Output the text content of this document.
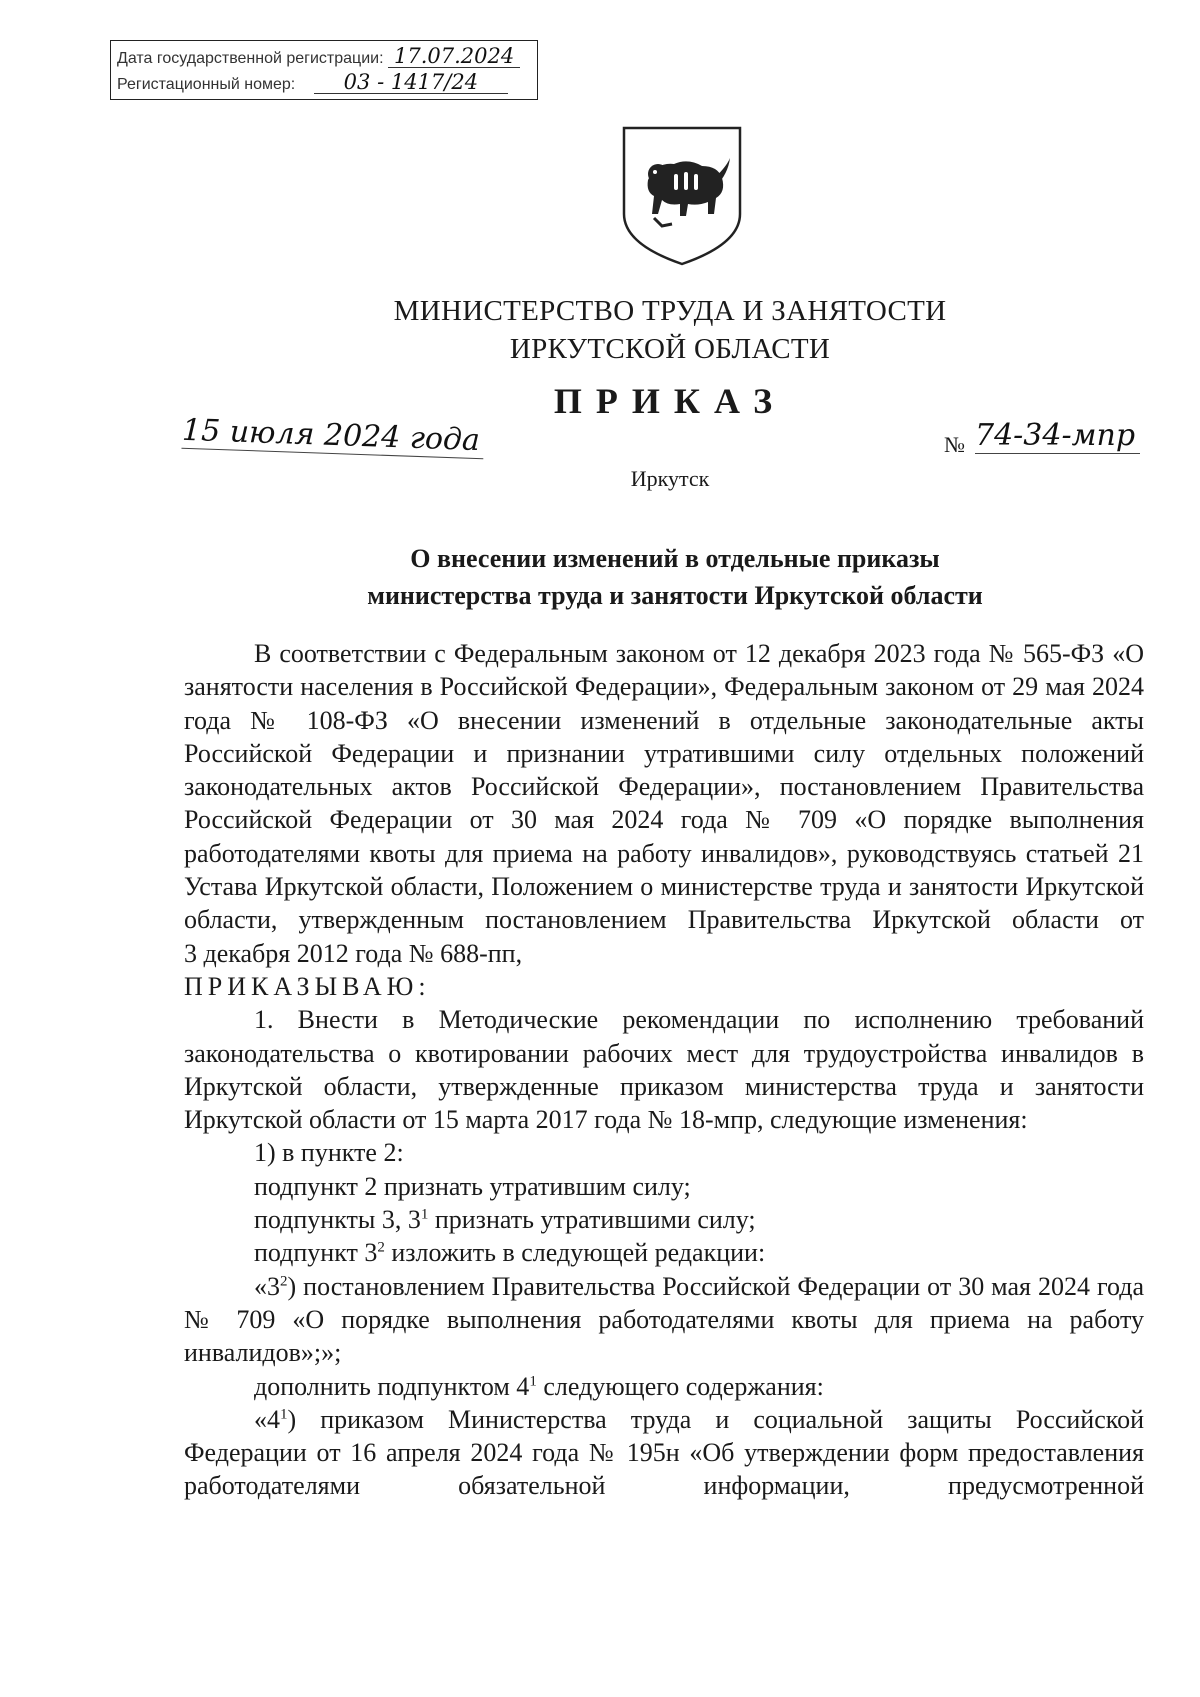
Дата государственной регистрации: 17.07.2024
Регистационный номер: 03 - 1417/24
МИНИСТЕРСТВО ТРУДА И ЗАНЯТОСТИ
ИРКУТСКОЙ ОБЛАСТИ
ПРИКАЗ
15 июля 2024 года	№ 74-34-мпр
Иркутск
О внесении изменений в отдельные приказы
министерства труда и занятости Иркутской области

В соответствии с Федеральным законом от 12 декабря 2023 года № 565-ФЗ «О занятости населения в Российской Федерации», Федеральным законом от 29 мая 2024 года № 108-ФЗ «О внесении изменений в отдельные законодательные акты Российской Федерации и признании утратившими силу отдельных положений законодательных актов Российской Федерации», постановлением Правительства Российской Федерации от 30 мая 2024 года № 709 «О порядке выполнения работодателями квоты для приема на работу инвалидов», руководствуясь статьей 21 Устава Иркутской области, Положением о министерстве труда и занятости Иркутской области, утвержденным постановлением Правительства Иркутской области от

3 декабря 2012 года № 688-пп,

ПРИКАЗЫВАЮ:

1. Внести в Методические рекомендации по исполнению требований законодательства о квотировании рабочих мест для трудоустройства инвалидов в Иркутской области, утвержденные приказом министерства труда и занятости Иркутской области от 15 марта 2017 года № 18-мпр, следующие изменения:

1) в пункте 2:

подпункт 2 признать утратившим силу;

подпункты 3, $3^1$ признать утратившими силу;

подпункт $3^2$ изложить в следующей редакции:

«$3^2$) постановлением Правительства Российской Федерации от 30 мая 2024 года № 709 «О порядке выполнения работодателями квоты для приема на работу инвалидов»;»;

дополнить подпунктом $4^1$ следующего содержания:

«$4^1$) приказом Министерства труда и социальной защиты Российской Федерации от 16 апреля 2024 года № 195н «Об утверждении форм предоставления работодателями обязательной информации, предусмотренной
